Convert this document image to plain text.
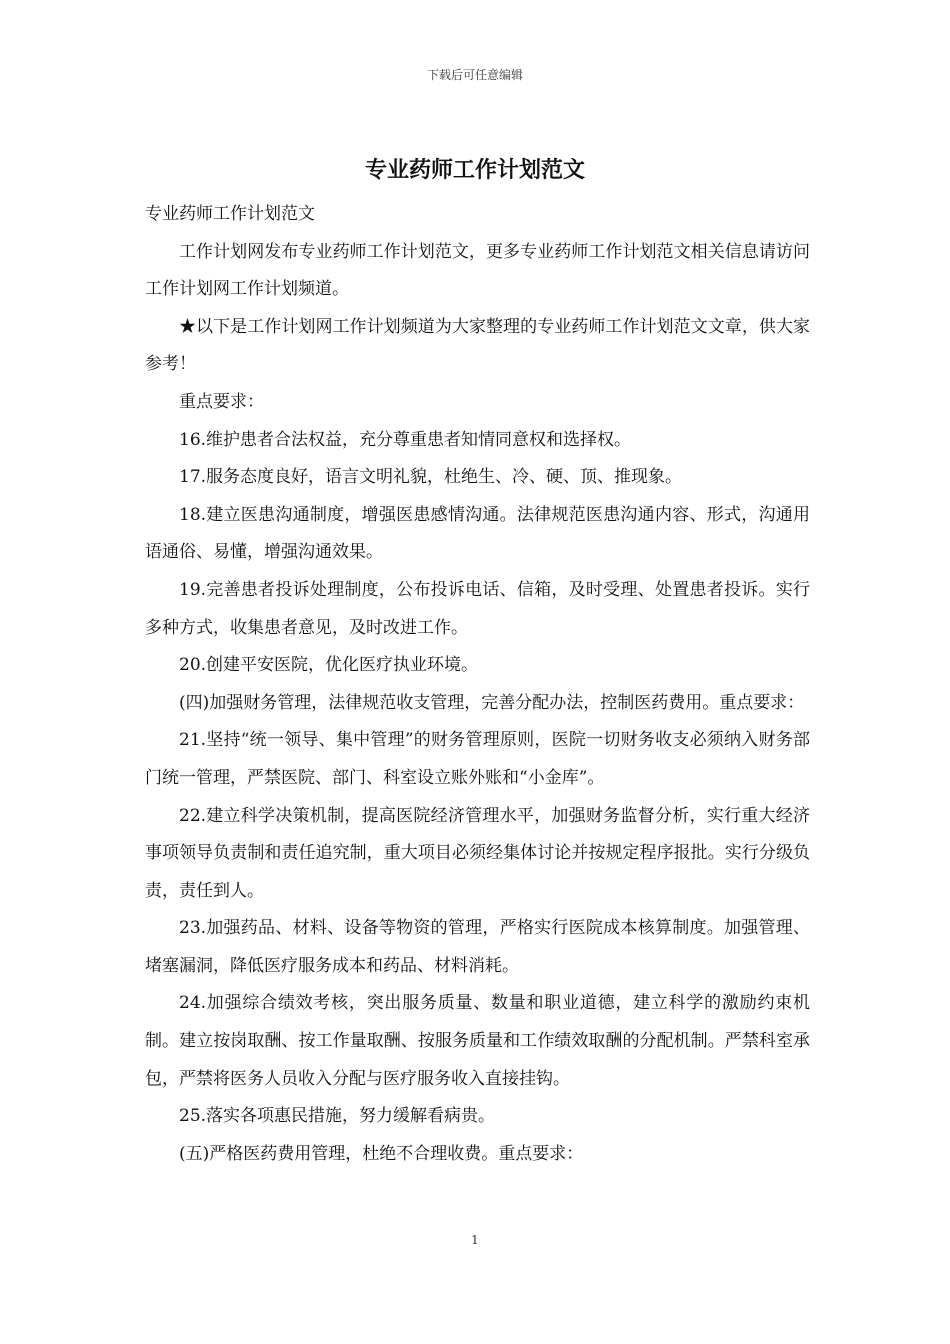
下载后可任意编辑
专业药师工作计划范文

专业药师工作计划范文

工作计划网发布专业药师工作计划范文，更多专业药师工作计划范文相关信息请访问工作计划网工作计划频道。

★以下是工作计划网工作计划频道为大家整理的专业药师工作计划范文文章，供大家参考！

重点要求：

16.维护患者合法权益，充分尊重患者知情同意权和选择权。

17.服务态度良好，语言文明礼貌，杜绝生、冷、硬、顶、推现象。

18.建立医患沟通制度，增强医患感情沟通。法律规范医患沟通内容、形式，沟通用语通俗、易懂，增强沟通效果。

19.完善患者投诉处理制度，公布投诉电话、信箱，及时受理、处置患者投诉。实行多种方式，收集患者意见，及时改进工作。

20.创建平安医院，优化医疗执业环境。

(四)加强财务管理，法律规范收支管理，完善分配办法，控制医药费用。重点要求：

21.坚持“统一领导、集中管理”的财务管理原则，医院一切财务收支必须纳入财务部门统一管理，严禁医院、部门、科室设立账外账和“小金库”。

22.建立科学决策机制，提高医院经济管理水平，加强财务监督分析，实行重大经济事项领导负责制和责任追究制，重大项目必须经集体讨论并按规定程序报批。实行分级负责，责任到人。

23.加强药品、材料、设备等物资的管理，严格实行医院成本核算制度。加强管理、堵塞漏洞，降低医疗服务成本和药品、材料消耗。

24.加强综合绩效考核，突出服务质量、数量和职业道德，建立科学的激励约束机制。建立按岗取酬、按工作量取酬、按服务质量和工作绩效取酬的分配机制。严禁科室承包，严禁将医务人员收入分配与医疗服务收入直接挂钩。

25.落实各项惠民措施，努力缓解看病贵。

(五)严格医药费用管理，杜绝不合理收费。重点要求：

1
